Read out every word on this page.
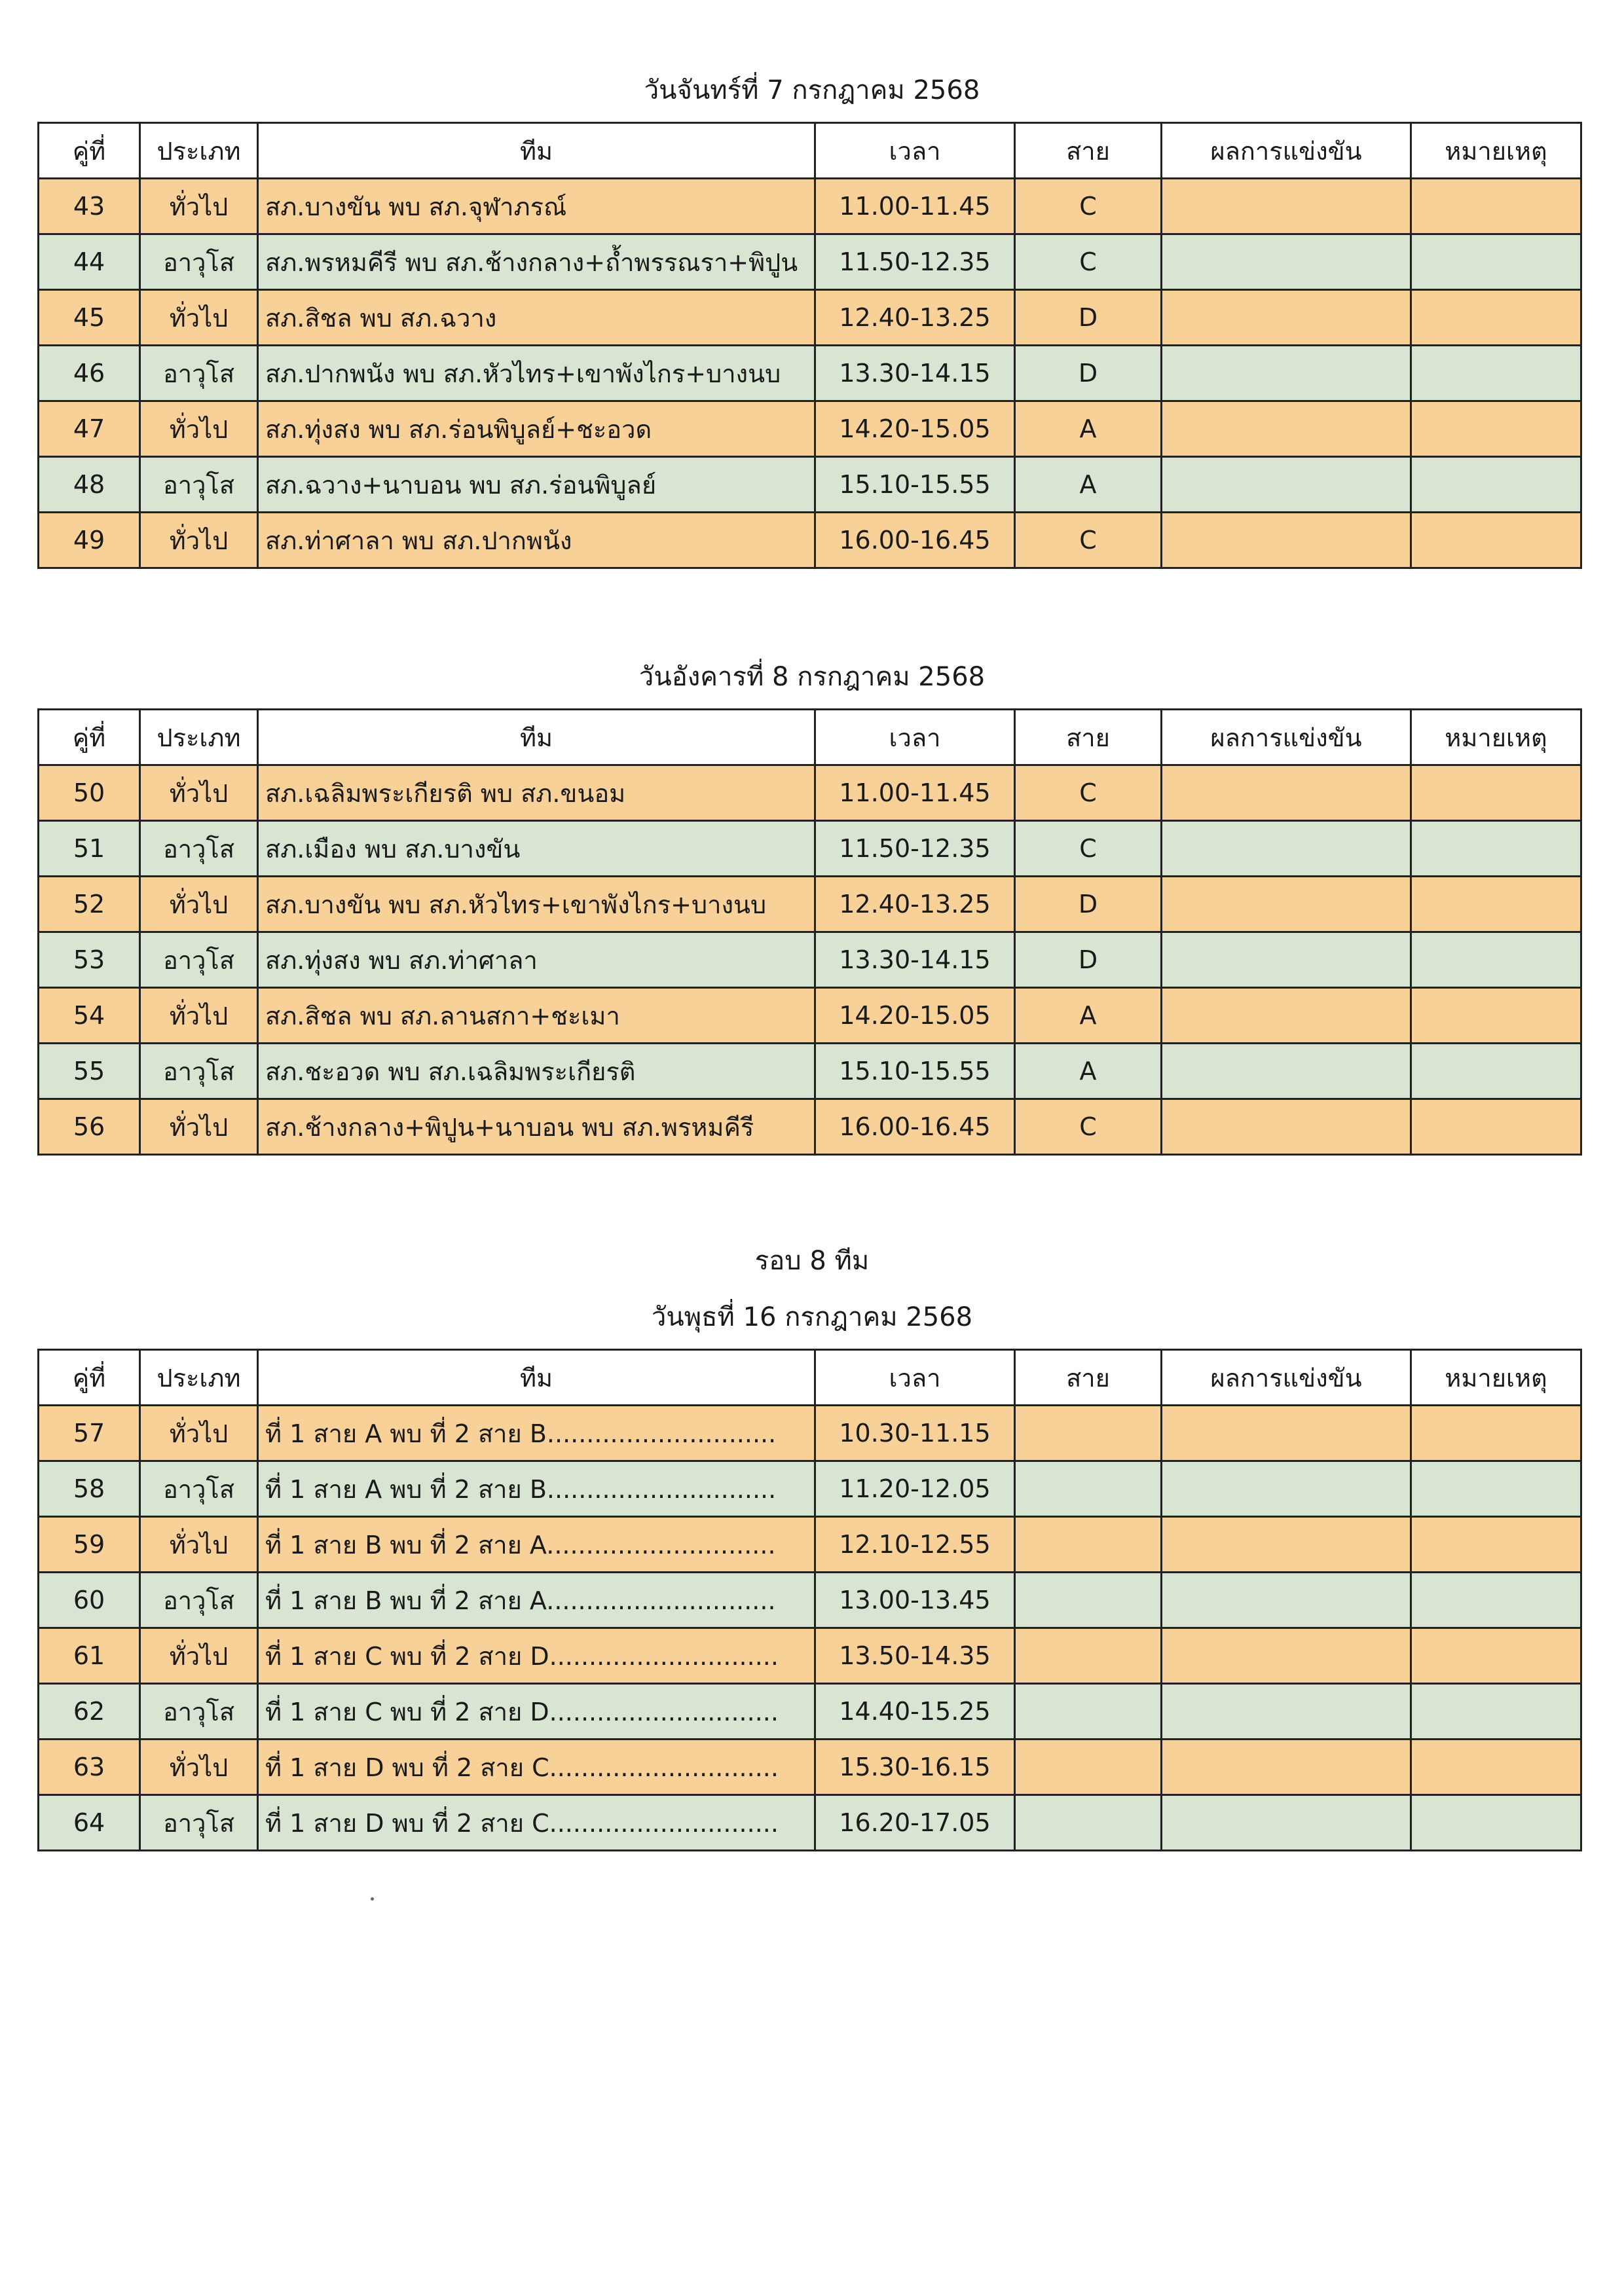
วันจันทร์ที่ 7 กรกฎาคม 2568
คู่ที่	ประเภท	ทีม	เวลา	สาย	ผลการแข่งขัน	หมายเหตุ
43	ทั่วไป	สภ.บางขัน พบ สภ.จุฬาภรณ์	11.00-11.45	C		
44	อาวุโส	สภ.พรหมคีรี พบ สภ.ช้างกลาง+ถ้ำพรรณรา+พิปูน	11.50-12.35	C		
45	ทั่วไป	สภ.สิชล พบ สภ.ฉวาง	12.40-13.25	D		
46	อาวุโส	สภ.ปากพนัง พบ สภ.หัวไทร+เขาพังไกร+บางนบ	13.30-14.15	D		
47	ทั่วไป	สภ.ทุ่งสง พบ สภ.ร่อนพิบูลย์+ชะอวด	14.20-15.05	A		
48	อาวุโส	สภ.ฉวาง+นาบอน พบ สภ.ร่อนพิบูลย์	15.10-15.55	A		
49	ทั่วไป	สภ.ท่าศาลา พบ สภ.ปากพนัง	16.00-16.45	C		
วันอังคารที่ 8 กรกฎาคม 2568
คู่ที่	ประเภท	ทีม	เวลา	สาย	ผลการแข่งขัน	หมายเหตุ
50	ทั่วไป	สภ.เฉลิมพระเกียรติ พบ สภ.ขนอม	11.00-11.45	C		
51	อาวุโส	สภ.เมือง พบ สภ.บางขัน	11.50-12.35	C		
52	ทั่วไป	สภ.บางขัน พบ สภ.หัวไทร+เขาพังไกร+บางนบ	12.40-13.25	D		
53	อาวุโส	สภ.ทุ่งสง พบ สภ.ท่าศาลา	13.30-14.15	D		
54	ทั่วไป	สภ.สิชล พบ สภ.ลานสกา+ชะเมา	14.20-15.05	A		
55	อาวุโส	สภ.ชะอวด พบ สภ.เฉลิมพระเกียรติ	15.10-15.55	A		
56	ทั่วไป	สภ.ช้างกลาง+พิปูน+นาบอน พบ สภ.พรหมคีรี	16.00-16.45	C		
รอบ 8 ทีม
วันพุธที่ 16 กรกฎาคม 2568
คู่ที่	ประเภท	ทีม	เวลา	สาย	ผลการแข่งขัน	หมายเหตุ
57	ทั่วไป	ที่ 1 สาย A พบ ที่ 2 สาย B.............................	10.30-11.15			
58	อาวุโส	ที่ 1 สาย A พบ ที่ 2 สาย B.............................	11.20-12.05			
59	ทั่วไป	ที่ 1 สาย B พบ ที่ 2 สาย A.............................	12.10-12.55			
60	อาวุโส	ที่ 1 สาย B พบ ที่ 2 สาย A.............................	13.00-13.45			
61	ทั่วไป	ที่ 1 สาย C พบ ที่ 2 สาย D.............................	13.50-14.35			
62	อาวุโส	ที่ 1 สาย C พบ ที่ 2 สาย D.............................	14.40-15.25			
63	ทั่วไป	ที่ 1 สาย D พบ ที่ 2 สาย C.............................	15.30-16.15			
64	อาวุโส	ที่ 1 สาย D พบ ที่ 2 สาย C.............................	16.20-17.05			
